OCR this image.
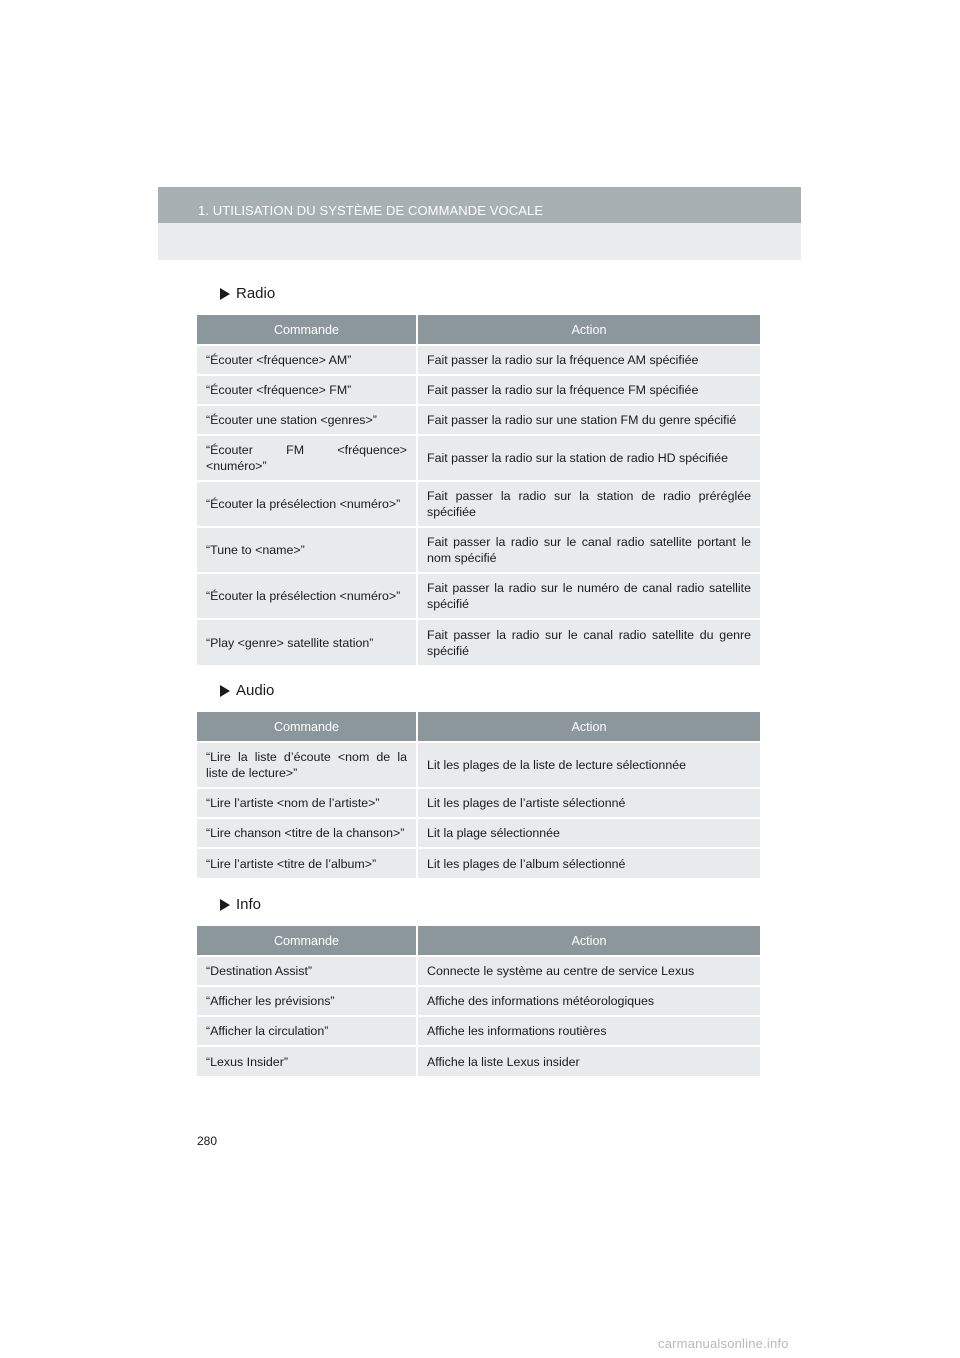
1. UTILISATION DU SYSTÈME DE COMMANDE VOCALE
Radio
Commande	Action
“Écouter <fréquence> AM”	Fait passer la radio sur la fréquence AM spécifiée
“Écouter <fréquence> FM”	Fait passer la radio sur la fréquence FM spécifiée
“Écouter une station <genres>”	Fait passer la radio sur une station FM du genre spécifié
“Écouter FM <fréquence> <numéro>”	Fait passer la radio sur la station de radio HD spécifiée
“Écouter la présélection <numéro>”	Fait passer la radio sur la station de radio préréglée spécifiée
“Tune to <name>”	Fait passer la radio sur le canal radio satellite portant le nom spécifié
“Écouter la présélection <numéro>”	Fait passer la radio sur le numéro de canal radio satellite spécifié
“Play <genre> satellite station”	Fait passer la radio sur le canal radio satellite du genre spécifié
Audio
Commande	Action
“Lire la liste d’écoute <nom de la liste de lecture>”	Lit les plages de la liste de lecture sélectionnée
“Lire l’artiste <nom de l’artiste>”	Lit les plages de l’artiste sélectionné
“Lire chanson <titre de la chanson>”	Lit la plage sélectionnée
“Lire l’artiste <titre de l’album>”	Lit les plages de l’album sélectionné
Info
Commande	Action
“Destination Assist”	Connecte le système au centre de service Lexus
“Afficher les prévisions”	Affiche des informations météorologiques
“Afficher la circulation”	Affiche les informations routières
“Lexus Insider”	Affiche la liste Lexus insider
280
carmanualsonline.info
